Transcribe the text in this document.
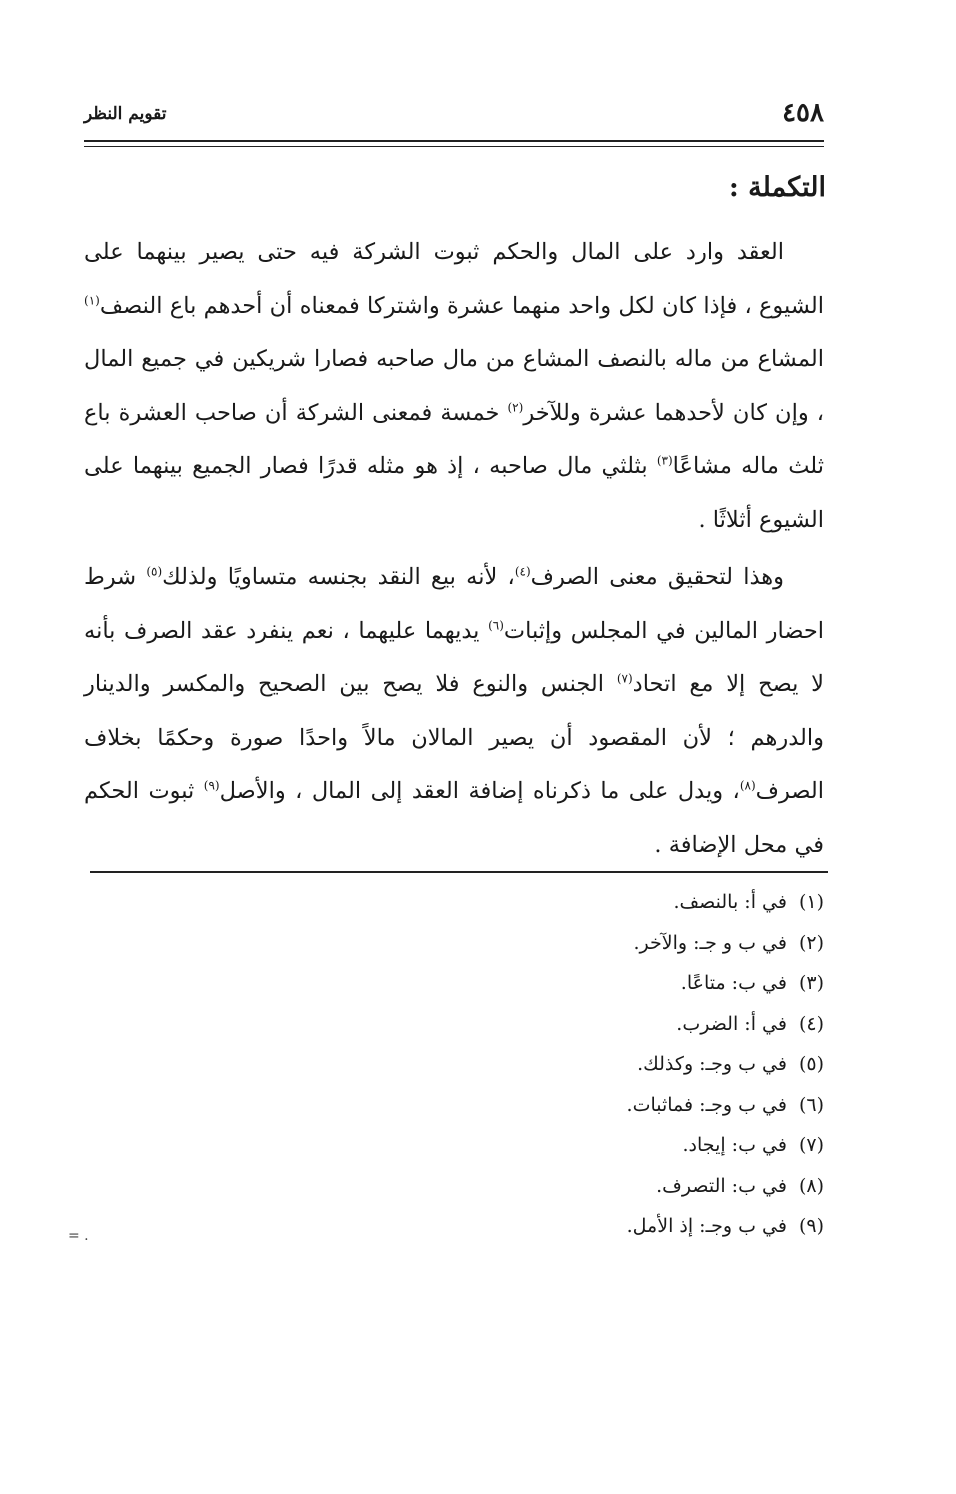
٤٥٨
تقويم النظر
التكملة :

العقد وارد على المال والحكم ثبوت الشركة فيه حتى يصير بينهما على الشيوع ، فإذا كان لكل واحد منهما عشرة واشتركا فمعناه أن أحدهم باع النصف$^{(١)}$ المشاع من ماله بالنصف المشاع من مال صاحبه فصارا شريكين في جميع المال ، وإن كان لأحدهما عشرة وللآخر$^{(٢)}$ خمسة فمعنى الشركة أن صاحب العشرة باع ثلث ماله مشاعًا$^{(٣)}$ بثلثي مال صاحبه ، إذ هو مثله قدرًا فصار الجميع بينهما على الشيوع أثلاثًا .

وهذا لتحقيق معنى الصرف$^{(٤)}$، لأنه بيع النقد بجنسه متساويًا ولذلك$^{(٥)}$ شرط احضار المالين في المجلس وإثبات$^{(٦)}$ يديهما عليهما ، نعم ينفرد عقد الصرف بأنه لا يصح إلا مع اتحاد$^{(٧)}$ الجنس والنوع فلا يصح بين الصحيح والمكسر والدينار والدرهم ؛ لأن المقصود أن يصير المالان مالاً واحدًا صورة وحكمًا بخلاف الصرف$^{(٨)}$، ويدل على ما ذكرناه إضافة العقد إلى المال ، والأصل$^{(٩)}$ ثبوت الحكم في محل الإضافة .

(١)في أ: بالنصف.
(٢)في ب و جـ: والآخر.
(٣)في ب: متاعًا.
(٤)في أ: الضرب.
(٥)في ب وجـ: وكذلك.
(٦)في ب وجـ: فماثبات.
(٧)في ب: إيجاد.
(٨)في ب: التصرف.
(٩)في ب وجـ: إذ الأمل.
= .
